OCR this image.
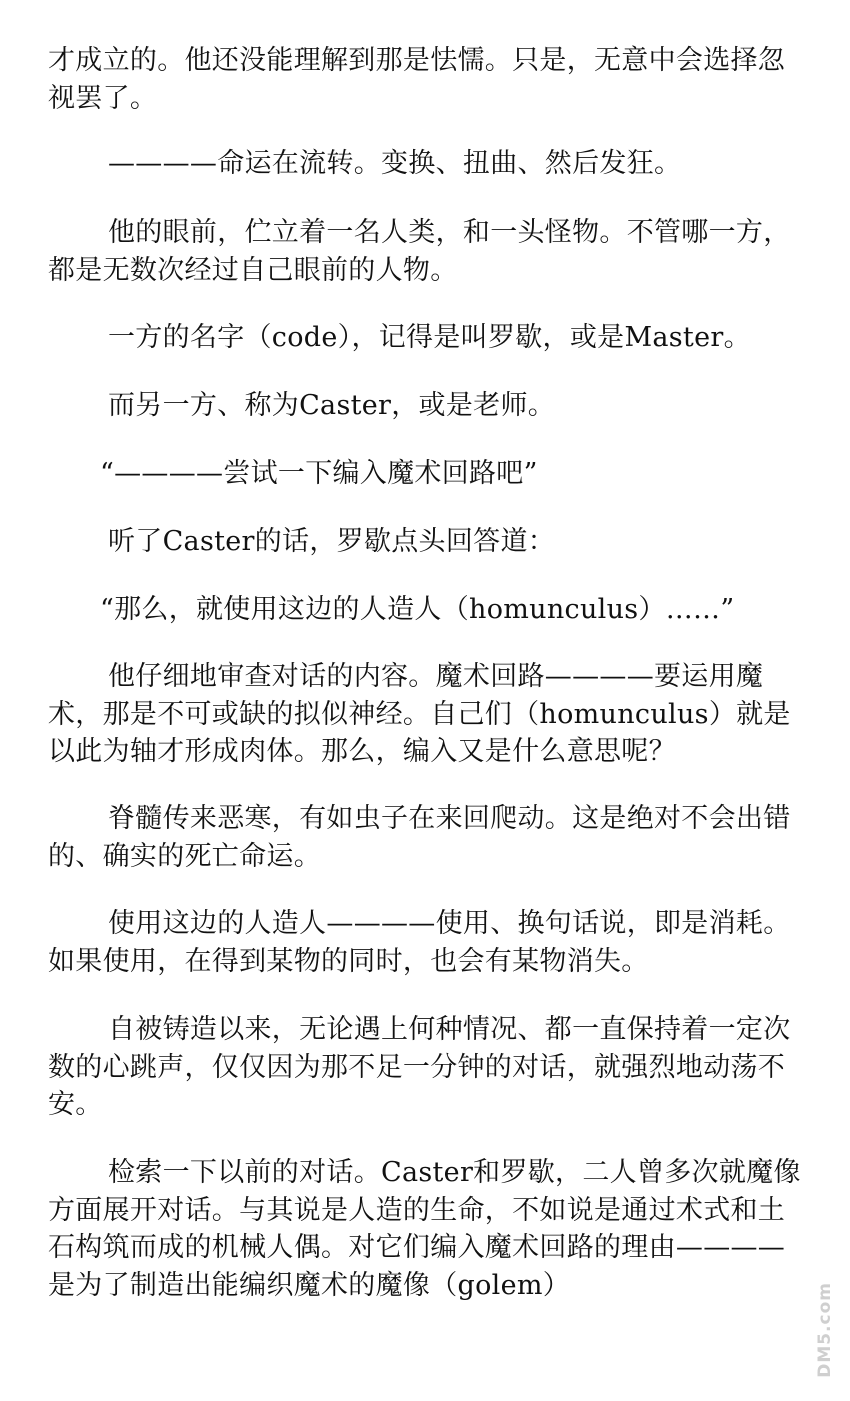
才成立的。他还没能理解到那是怯懦。只是，无意中会选择忽视罢了。

————命运在流转。变换、扭曲、然后发狂。

他的眼前，伫立着一名人类，和一头怪物。不管哪一方，都是无数次经过自己眼前的人物。

一方的名字（code），记得是叫罗歇，或是Master。

而另一方、称为Caster，或是老师。

“————尝试一下编入魔术回路吧”

听了Caster的话，罗歇点头回答道：

“那么，就使用这边的人造人（homunculus）……”

他仔细地审查对话的内容。魔术回路————要运用魔术，那是不可或缺的拟似神经。自己们（homunculus）就是以此为轴才形成肉体。那么，编入又是什么意思呢？

脊髓传来恶寒，有如虫子在来回爬动。这是绝对不会出错的、确实的死亡命运。

使用这边的人造人————使用、换句话说，即是消耗。如果使用，在得到某物的同时，也会有某物消失。

自被铸造以来，无论遇上何种情况、都一直保持着一定次数的心跳声，仅仅因为那不足一分钟的对话，就强烈地动荡不安。

检索一下以前的对话。Caster和罗歇，二人曾多次就魔像方面展开对话。与其说是人造的生命，不如说是通过术式和土石构筑而成的机械人偶。对它们编入魔术回路的理由————是为了制造出能编织魔术的魔像（golem）	DM5.com
